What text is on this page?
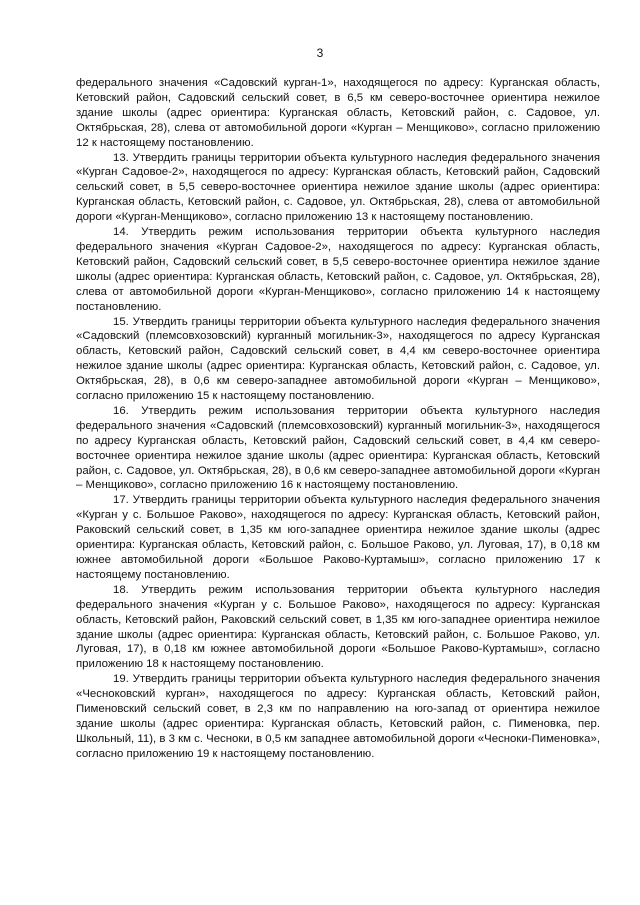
3

федерального значения «Садовский курган-1», находящегося по адресу: Курганская область, Кетовский район, Садовский сельский совет, в 6,5 км северо-восточнее ориентира нежилое здание школы (адрес ориентира: Курганская область, Кетовский район, с. Садовое, ул. Октябрьская, 28), слева от автомобильной дороги «Курган – Менщиково», согласно приложению 12 к настоящему постановлению.

13. Утвердить границы территории объекта культурного наследия федерального значения «Курган Садовое-2», находящегося по адресу: Курганская область, Кетовский район, Садовский сельский совет, в 5,5 северо-восточнее ориентира нежилое здание школы (адрес ориентира: Курганская область, Кетовский район, с. Садовое, ул. Октябрьская, 28), слева от автомобильной дороги «Курган-Менщиково», согласно приложению 13 к настоящему постановлению.

14. Утвердить режим использования территории объекта культурного наследия федерального значения «Курган Садовое-2», находящегося по адресу: Курганская область, Кетовский район, Садовский сельский совет, в 5,5 северо-восточнее ориентира нежилое здание школы (адрес ориентира: Курганская область, Кетовский район, с. Садовое, ул. Октябрьская, 28), слева от автомобильной дороги «Курган-Менщиково», согласно приложению 14 к настоящему постановлению.

15. Утвердить границы территории объекта культурного наследия федерального значения «Садовский (племсовхозовский) курганный могильник-3», находящегося по адресу Курганская область, Кетовский район, Садовский сельский совет, в 4,4 км северо-восточнее ориентира нежилое здание школы (адрес ориентира: Курганская область, Кетовский район, с. Садовое, ул. Октябрьская, 28), в 0,6 км северо-западнее автомобильной дороги «Курган – Менщиково», согласно приложению 15 к настоящему постановлению.

16. Утвердить режим использования территории объекта культурного наследия федерального значения «Садовский (племсовхозовский) курганный могильник-3», находящегося по адресу Курганская область, Кетовский район, Садовский сельский совет, в 4,4 км северо-восточнее ориентира нежилое здание школы (адрес ориентира: Курганская область, Кетовский район, с. Садовое, ул. Октябрьская, 28), в 0,6 км северо-западнее автомобильной дороги «Курган – Менщиково», согласно приложению 16 к настоящему постановлению.

17. Утвердить границы территории объекта культурного наследия федерального значения «Курган у с. Большое Раково», находящегося по адресу: Курганская область, Кетовский район, Раковский сельский совет, в 1,35 км юго-западнее ориентира нежилое здание школы (адрес ориентира: Курганская область, Кетовский район, с. Большое Раково, ул. Луговая, 17), в 0,18 км южнее автомобильной дороги «Большое Раково-Куртамыш», согласно приложению 17 к настоящему постановлению.

18. Утвердить режим использования территории объекта культурного наследия федерального значения «Курган у с. Большое Раково», находящегося по адресу: Курганская область, Кетовский район, Раковский сельский совет, в 1,35 км юго-западнее ориентира нежилое здание школы (адрес ориентира: Курганская область, Кетовский район, с. Большое Раково, ул. Луговая, 17), в 0,18 км южнее автомобильной дороги «Большое Раково-Куртамыш», согласно приложению 18 к настоящему постановлению.

19. Утвердить границы территории объекта культурного наследия федерального значения «Чесноковский курган», находящегося по адресу: Курганская область, Кетовский район, Пименовский сельский совет, в 2,3 км по направлению на юго-запад от ориентира нежилое здание школы (адрес ориентира: Курганская область, Кетовский район, с. Пименовка, пер. Школьный, 11), в 3 км с. Чесноки, в 0,5 км западнее автомобильной дороги «Чесноки-Пименовка», согласно приложению 19 к настоящему постановлению.
